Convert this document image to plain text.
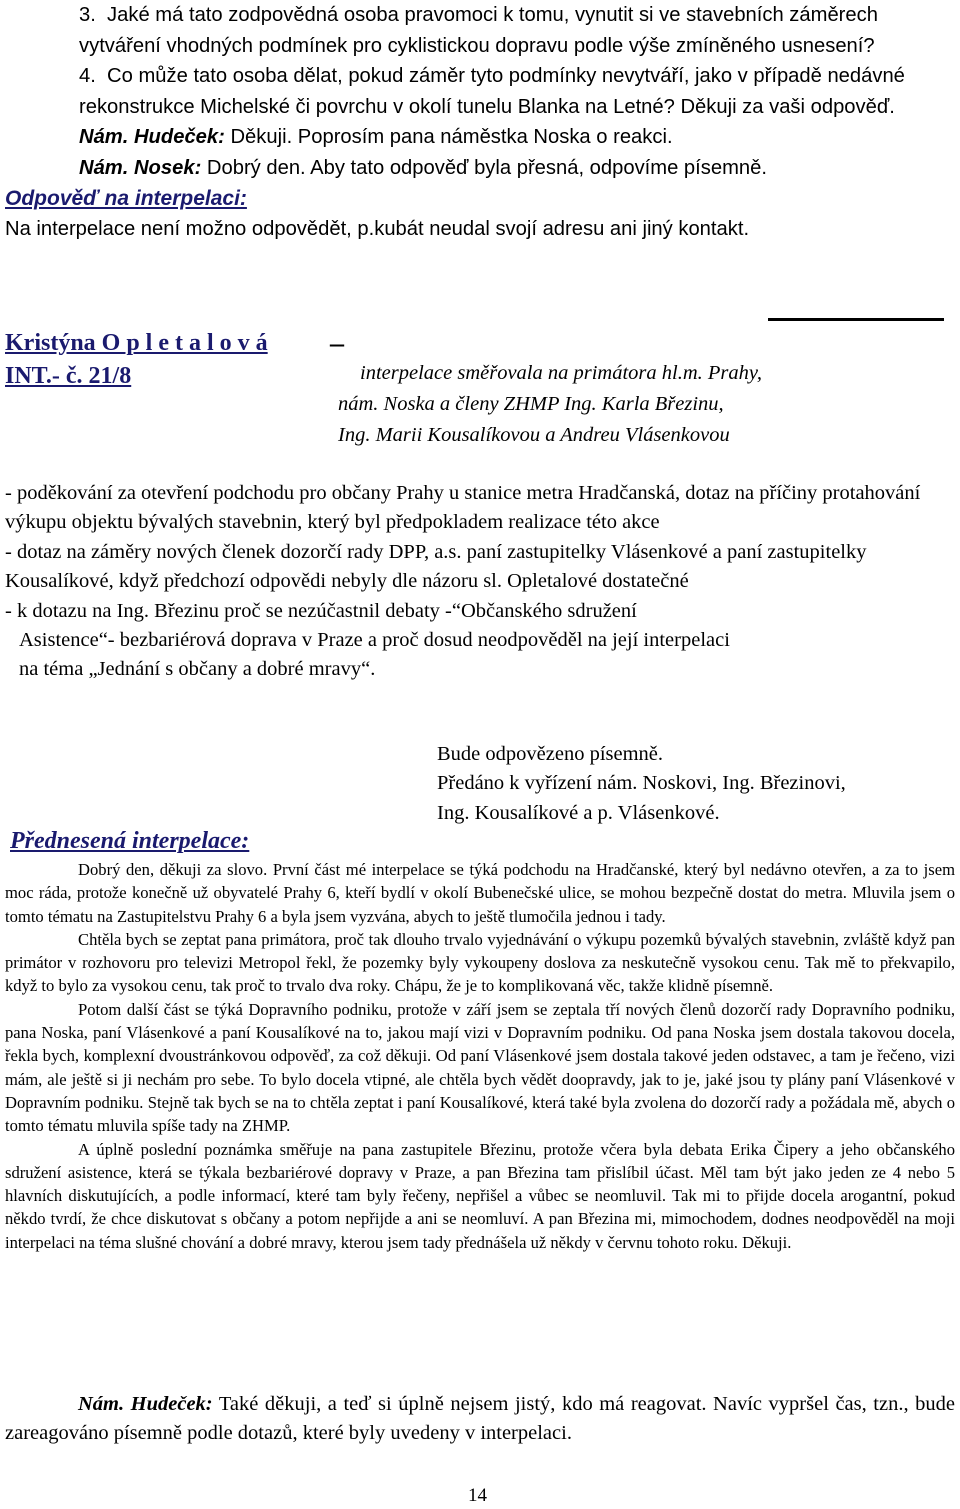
3.  Jaké má tato zodpovědná osoba pravomoci k tomu, vynutit si ve stavebních záměrech vytváření vhodných podmínek pro cyklistickou dopravu podle výše zmíněného usnesení?

4.  Co může tato osoba dělat, pokud záměr tyto podmínky nevytváří, jako v případě nedávné rekonstrukce Michelské či povrchu v okolí tunelu Blanka na Letné? Děkuji za vaši odpověď.

Nám. Hudeček: Děkuji. Poprosím pana náměstka Noska o reakci.

Nám. Nosek: Dobrý den. Aby tato odpověď byla přesná, odpovíme písemně.

Odpověď na interpelaci:

Na interpelace není možno odpovědět, p.kubát neudal svojí adresu ani jiný kontakt.

Kristýna O p l e t a l o v á
INT.- č. 21/8
–
interpelace směřovala na primátora hl.m. Prahy,
nám. Noska a členy ZHMP Ing. Karla Březinu,
Ing. Marii Kousalíkovou a Andreu Vlásenkovou

- poděkování za otevření podchodu pro občany Prahy u stanice metra Hradčanská, dotaz na příčiny protahování výkupu objektu bývalých stavebnin, který byl předpokladem realizace této akce

- dotaz na záměry nových členek dozorčí rady DPP, a.s. paní zastupitelky Vlásenkové a paní zastupitelky Kousalíkové, když předchozí odpovědi nebyly dle názoru sl. Opletalové dostatečné

- k dotazu na Ing. Březinu proč se nezúčastnil debaty -“Občanského sdružení

Asistence“- bezbariérová doprava v Praze a proč dosud neodpověděl na její interpelaci

na téma „Jednání s občany a dobré mravy“.

Bude odpovězeno písemně.

Předáno k vyřízení nám. Noskovi, Ing. Březinovi,

Ing. Kousalíkové a p. Vlásenkové.

Přednesená interpelace:

Dobrý den, děkuji za slovo. První část mé interpelace se týká podchodu na Hradčanské, který byl nedávno otevřen, a za to jsem moc ráda, protože konečně už obyvatelé Prahy 6, kteří bydlí v okolí Bubenečské ulice, se mohou bezpečně dostat do metra. Mluvila jsem o tomto tématu na Zastupitelstvu Prahy 6 a byla jsem vyzvána, abych to ještě tlumočila jednou i tady.

Chtěla bych se zeptat pana primátora, proč tak dlouho trvalo vyjednávání o výkupu pozemků bývalých stavebnin, zvláště když pan primátor v rozhovoru pro televizi Metropol řekl, že pozemky byly vykoupeny doslova za neskutečně vysokou cenu. Tak mě to překvapilo, když to bylo za vysokou cenu, tak proč to trvalo dva roky. Chápu, že je to komplikovaná věc, takže klidně písemně.

Potom další část se týká Dopravního podniku, protože v září jsem se zeptala tří nových členů dozorčí rady Dopravního podniku, pana Noska, paní Vlásenkové a paní Kousalíkové na to, jakou mají vizi v Dopravním podniku. Od pana Noska jsem dostala takovou docela, řekla bych, komplexní dvoustránkovou odpověď, za což děkuji. Od paní Vlásenkové jsem dostala takové jeden odstavec, a tam je řečeno, vizi mám, ale ještě si ji nechám pro sebe. To bylo docela vtipné, ale chtěla bych vědět doopravdy, jak to je, jaké jsou ty plány paní Vlásenkové v Dopravním podniku. Stejně tak bych se na to chtěla zeptat i paní Kousalíkové, která také byla zvolena do dozorčí rady a požádala mě, abych o tomto tématu mluvila spíše tady na ZHMP.

A úplně poslední poznámka směřuje na pana zastupitele Březinu, protože včera byla debata Erika Čipery a jeho občanského sdružení asistence, která se týkala bezbariérové dopravy v Praze, a pan Březina tam přislíbil účast. Měl tam být jako jeden ze 4 nebo 5 hlavních diskutujících, a podle informací, které tam byly řečeny, nepřišel a vůbec se neomluvil. Tak mi to přijde docela arogantní, pokud někdo tvrdí, že chce diskutovat s občany a potom nepřijde a ani se neomluví. A pan Březina mi, mimochodem, dodnes neodpověděl na moji interpelaci na téma slušné chování a dobré mravy, kterou jsem tady přednášela už někdy v červnu tohoto roku. Děkuji.

Nám. Hudeček: Také děkuji, a teď si úplně nejsem jistý, kdo má reagovat. Navíc vypršel čas, tzn., bude zareagováno písemně podle dotazů, které byly uvedeny v interpelaci.

14
